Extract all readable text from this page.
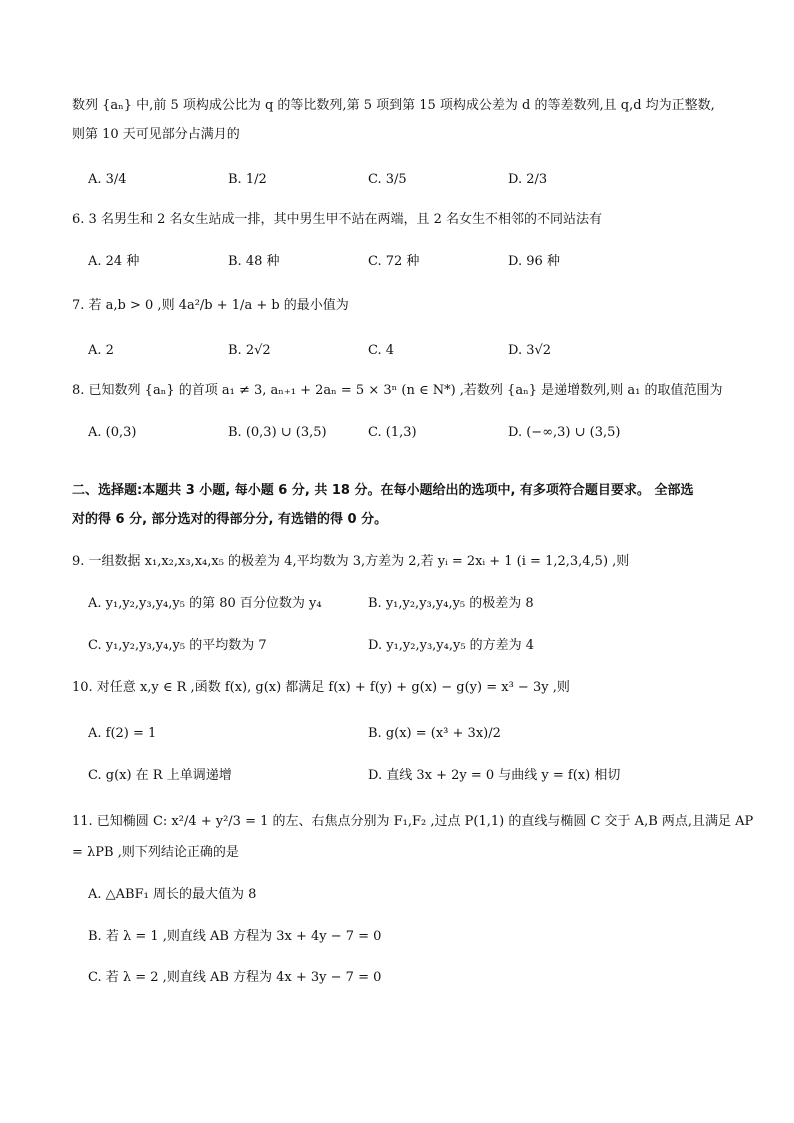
数列 {aₙ} 中,前 5 项构成公比为 q 的等比数列,第 5 项到第 15 项构成公差为 d 的等差数列,且 q,d 均为正整数,
则第 10 天可见部分占满月的
A. 3/4	B. 1/2	C. 3/5	D. 2/3
6. 3 名男生和 2 名女生站成一排，其中男生甲不站在两端，且 2 名女生不相邻的不同站法有
A. 24 种	B. 48 种	C. 72 种	D. 96 种
7. 若 a,b > 0 ,则 4a²/b + 1/a + b 的最小值为
A. 2	B. 2√2	C. 4	D. 3√2
8. 已知数列 {aₙ} 的首项 a₁ ≠ 3, aₙ₊₁ + 2aₙ = 5 × 3ⁿ (n ∈ N*) ,若数列 {aₙ} 是递增数列,则 a₁ 的取值范围为
A. (0,3)	B. (0,3) ∪ (3,5)	C. (1,3)	D. (−∞,3) ∪ (3,5)
二、选择题:本题共 3 小题, 每小题 6 分, 共 18 分。在每小题给出的选项中, 有多项符合题目要求。 全部选
对的得 6 分, 部分选对的得部分分, 有选错的得 0 分。
9. 一组数据 x₁,x₂,x₃,x₄,x₅ 的极差为 4,平均数为 3,方差为 2,若 yᵢ = 2xᵢ + 1 (i = 1,2,3,4,5) ,则
A. y₁,y₂,y₃,y₄,y₅ 的第 80 百分位数为 y₄	B. y₁,y₂,y₃,y₄,y₅ 的极差为 8
C. y₁,y₂,y₃,y₄,y₅ 的平均数为 7	D. y₁,y₂,y₃,y₄,y₅ 的方差为 4
10. 对任意 x,y ∈ R ,函数 f(x), g(x) 都满足 f(x) + f(y) + g(x) − g(y) = x³ − 3y ,则
A. f(2) = 1	B. g(x) = (x³ + 3x)/2
C. g(x) 在 R 上单调递增	D. 直线 3x + 2y = 0 与曲线 y = f(x) 相切
11. 已知椭圆 C: x²/4 + y²/3 = 1 的左、右焦点分别为 F₁,F₂ ,过点 P(1,1) 的直线与椭圆 C 交于 A,B 两点,且满足 AP
= λPB ,则下列结论正确的是
A. △ABF₁ 周长的最大值为 8
B. 若 λ = 1 ,则直线 AB 方程为 3x + 4y − 7 = 0
C. 若 λ = 2 ,则直线 AB 方程为 4x + 3y − 7 = 0
